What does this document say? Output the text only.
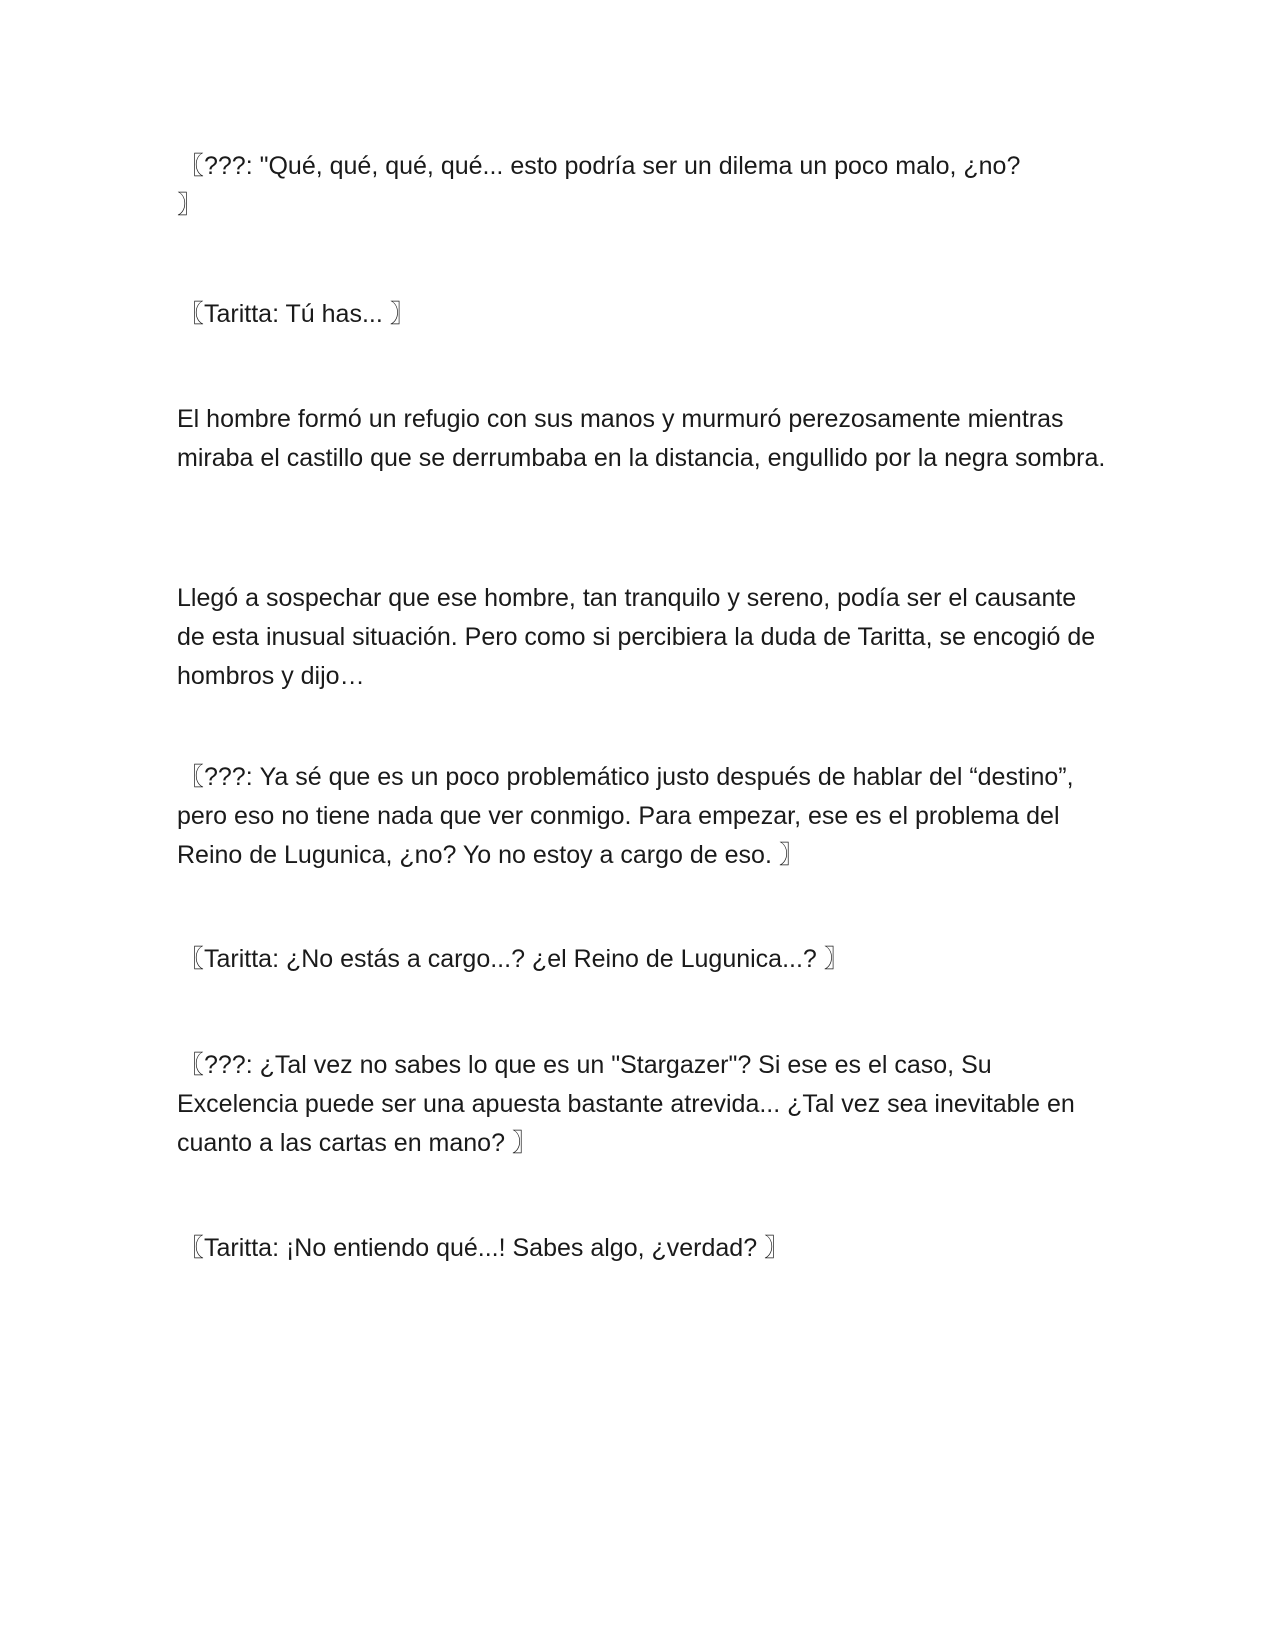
〖???: "Qué, qué, qué, qué... esto podría ser un dilema un poco malo, ¿no?
〗

〖Taritta: Tú has... 〗

El hombre formó un refugio con sus manos y murmuró perezosamente mientras miraba el castillo que se derrumbaba en la distancia, engullido por la negra sombra.

Llegó a sospechar que ese hombre, tan tranquilo y sereno, podía ser el causante de esta inusual situación. Pero como si percibiera la duda de Taritta, se encogió de hombros y dijo…

〖???: Ya sé que es un poco problemático justo después de hablar del “destino”, pero eso no tiene nada que ver conmigo. Para empezar, ese es el problema del Reino de Lugunica, ¿no? Yo no estoy a cargo de eso. 〗

〖Taritta: ¿No estás a cargo...? ¿el Reino de Lugunica...? 〗

〖???: ¿Tal vez no sabes lo que es un "Stargazer"? Si ese es el caso, Su Excelencia puede ser una apuesta bastante atrevida... ¿Tal vez sea inevitable en cuanto a las cartas en mano? 〗

〖Taritta: ¡No entiendo qué...! Sabes algo, ¿verdad? 〗
